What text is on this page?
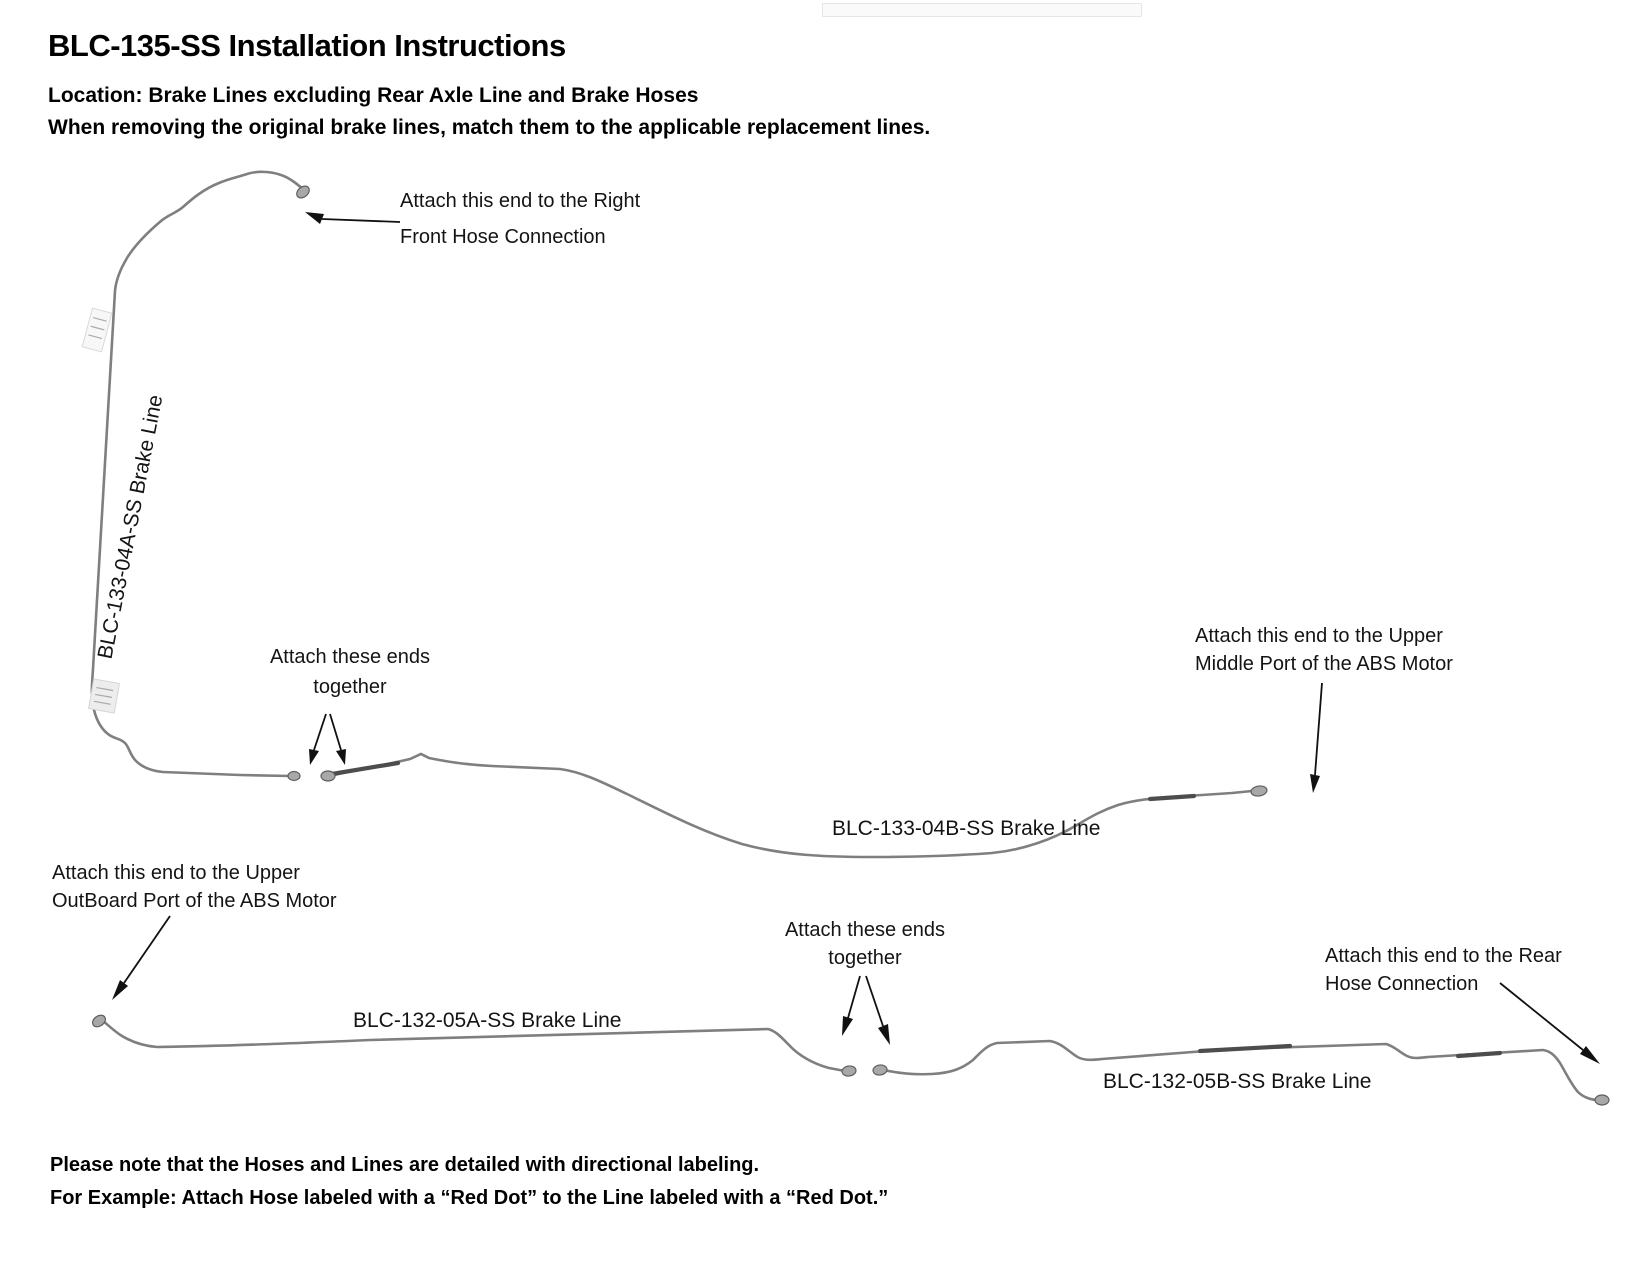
BLC-135-SS Installation Instructions
Location: Brake Lines excluding Rear Axle Line and Brake Hoses
When removing the original brake lines, match them to the applicable replacement lines.
Attach this end to the Right
Front Hose Connection
Attach these ends
together
Attach this end to the Upper
Middle Port of the ABS Motor
Attach this end to the Upper
OutBoard Port of the ABS Motor
Attach these ends
together	Attach this end to the Rear
Hose Connection
BLC-133-04A-SS Brake Line
BLC-133-04B-SS Brake Line
BLC-132-05A-SS Brake Line
BLC-132-05B-SS Brake Line
Please note that the Hoses and Lines are detailed with directional labeling.
For Example: Attach Hose labeled with a “Red Dot” to the Line labeled with a “Red Dot.”
